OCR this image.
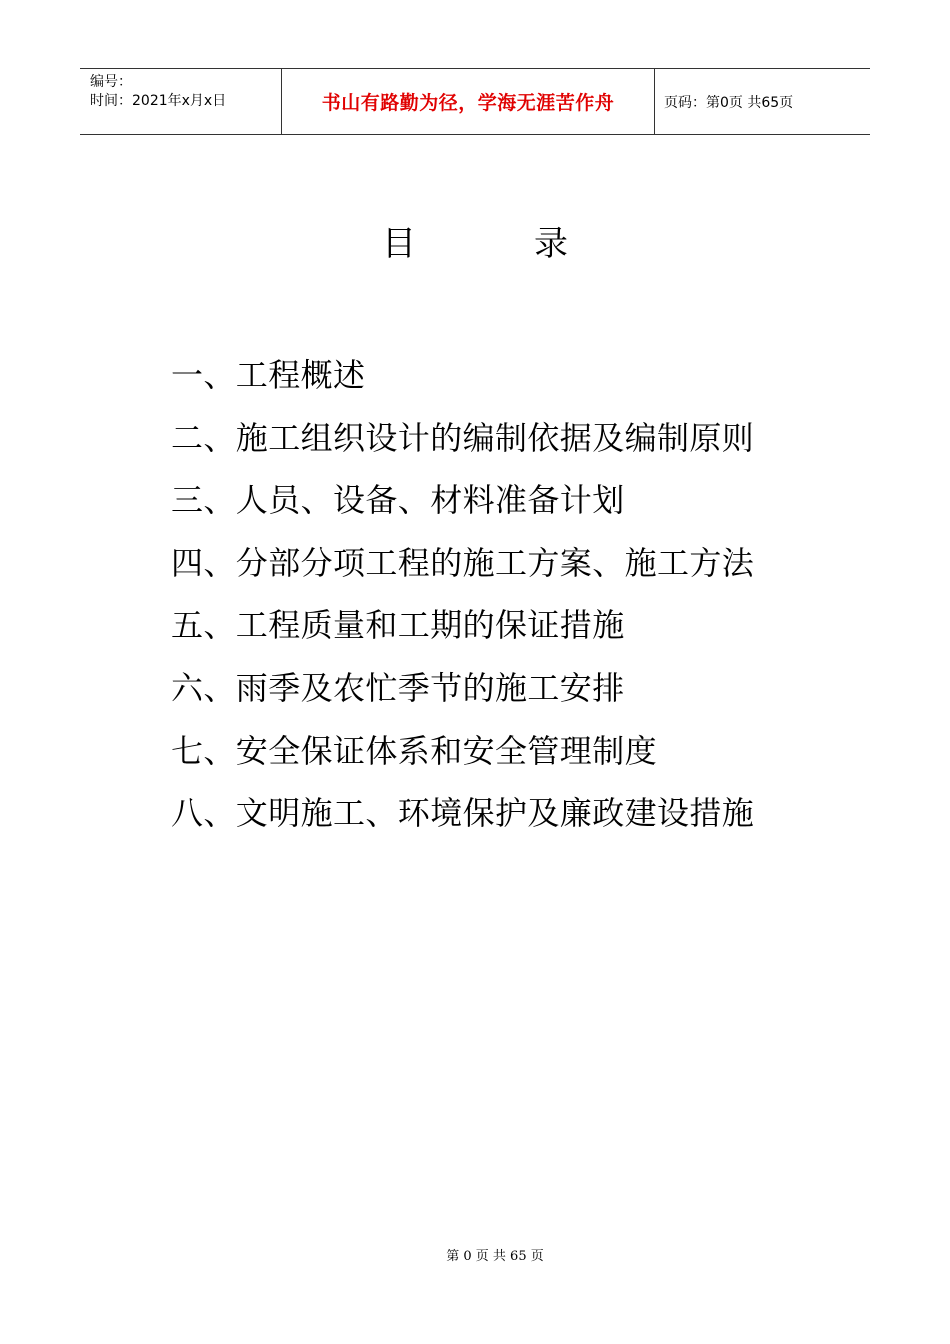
编号：
时间：2021年x月x日	书山有路勤为径，学海无涯苦作舟	页码：第0页 共65页
目	录
一、工程概述
二、施工组织设计的编制依据及编制原则
三、人员、设备、材料准备计划
四、分部分项工程的施工方案、施工方法
五、工程质量和工期的保证措施
六、雨季及农忙季节的施工安排
七、安全保证体系和安全管理制度
八、文明施工、环境保护及廉政建设措施
第 0 页 共 65 页
